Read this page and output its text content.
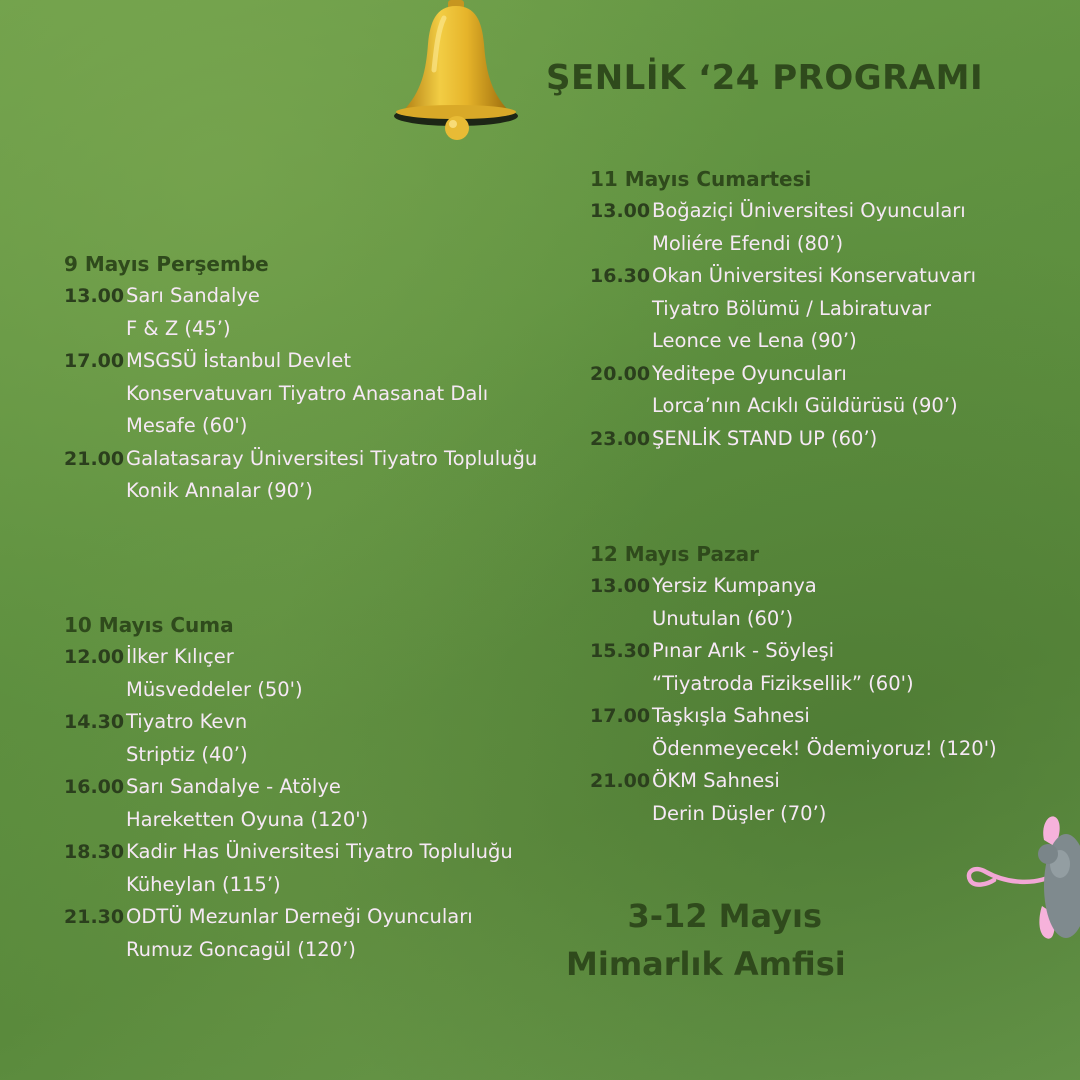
ŞENLİK ‘24 PROGRAMI
9 Mayıs Perşembe
13.00 Sarı Sandalye
F & Z (45’)
17.00 MSGSÜ İstanbul Devlet
Konservatuvarı Tiyatro Anasanat Dalı
Mesafe (60')
21.00 Galatasaray Üniversitesi Tiyatro Topluluğu
Konik Annalar (90’)
10 Mayıs Cuma
12.00 İlker Kılıçer
Müsveddeler (50')
14.30 Tiyatro Kevn
Striptiz (40’)
16.00 Sarı Sandalye - Atölye
Hareketten Oyuna (120')
18.30 Kadir Has Üniversitesi Tiyatro Topluluğu
Küheylan (115’)
21.30 ODTÜ Mezunlar Derneği Oyuncuları
Rumuz Goncagül (120’)
11 Mayıs Cumartesi
13.00 Boğaziçi Üniversitesi Oyuncuları
Moliére Efendi (80’)
16.30 Okan Üniversitesi Konservatuvarı
Tiyatro Bölümü / Labiratuvar
Leonce ve Lena (90’)
20.00 Yeditepe Oyuncuları
Lorca’nın Acıklı Güldürüsü (90’)
23.00 ŞENLİK STAND UP (60’)
12 Mayıs Pazar
13.00 Yersiz Kumpanya
Unutulan (60’)
15.30 Pınar Arık - Söyleşi
“Tiyatroda Fiziksellik” (60')
17.00 Taşkışla Sahnesi
Ödenmeyecek! Ödemiyoruz! (120')
21.00 ÖKM Sahnesi
Derin Düşler (70’)
3-12 Mayıs
Mimarlık Amfisi
